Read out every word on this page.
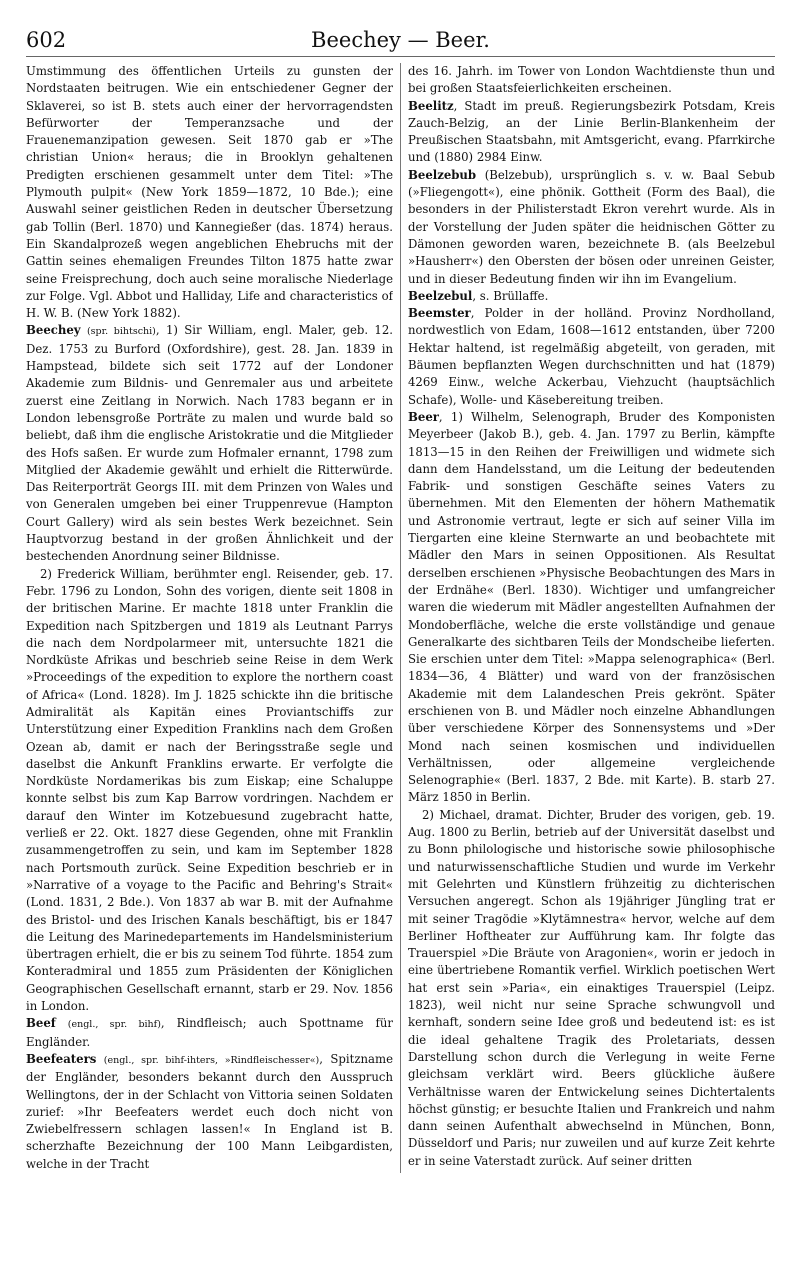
602	Beechey — Beer.

Umstimmung des öffentlichen Urteils zu gunsten der Nordstaaten beitrugen. Wie ein entschiedener Gegner der Sklaverei, so ist B. stets auch einer der hervorragendsten Befürworter der Temperanzsache und der Frauenemanzipation gewesen. Seit 1870 gab er »The christian Union« heraus; die in Brooklyn gehaltenen Predigten erschienen gesammelt unter dem Titel: »The Plymouth pulpit« (New York 1859—1872, 10 Bde.); eine Auswahl seiner geistlichen Reden in deutscher Übersetzung gab Tollin (Berl. 1870) und Kannegießer (das. 1874) heraus. Ein Skandalprozeß wegen angeblichen Ehebruchs mit der Gattin seines ehemaligen Freundes Tilton 1875 hatte zwar seine Freisprechung, doch auch seine moralische Niederlage zur Folge. Vgl. Abbot und Halliday, Life and characteristics of H. W. B. (New York 1882).

Beechey (spr. bihtschi), 1) Sir William, engl. Maler, geb. 12. Dez. 1753 zu Burford (Oxfordshire), gest. 28. Jan. 1839 in Hampstead, bildete sich seit 1772 auf der Londoner Akademie zum Bildnis- und Genremaler aus und arbeitete zuerst eine Zeitlang in Norwich. Nach 1783 begann er in London lebensgroße Porträte zu malen und wurde bald so beliebt, daß ihm die englische Aristokratie und die Mitglieder des Hofs saßen. Er wurde zum Hofmaler ernannt, 1798 zum Mitglied der Akademie gewählt und erhielt die Ritterwürde. Das Reiterporträt Georgs III. mit dem Prinzen von Wales und von Generalen umgeben bei einer Truppenrevue (Hampton Court Gallery) wird als sein bestes Werk bezeichnet. Sein Hauptvorzug bestand in der großen Ähnlichkeit und der bestechenden Anordnung seiner Bildnisse.

2) Frederick William, berühmter engl. Reisender, geb. 17. Febr. 1796 zu London, Sohn des vorigen, diente seit 1808 in der britischen Marine. Er machte 1818 unter Franklin die Expedition nach Spitzbergen und 1819 als Leutnant Parrys die nach dem Nordpolarmeer mit, untersuchte 1821 die Nordküste Afrikas und beschrieb seine Reise in dem Werk »Proceedings of the expedition to explore the northern coast of Africa« (Lond. 1828). Im J. 1825 schickte ihn die britische Admiralität als Kapitän eines Proviantschiffs zur Unterstützung einer Expedition Franklins nach dem Großen Ozean ab, damit er nach der Beringsstraße segle und daselbst die Ankunft Franklins erwarte. Er verfolgte die Nordküste Nordamerikas bis zum Eiskap; eine Schaluppe konnte selbst bis zum Kap Barrow vordringen. Nachdem er darauf den Winter im Kotzebuesund zugebracht hatte, verließ er 22. Okt. 1827 diese Gegenden, ohne mit Franklin zusammengetroffen zu sein, und kam im September 1828 nach Portsmouth zurück. Seine Expedition beschrieb er in »Narrative of a voyage to the Pacific and Behring's Strait« (Lond. 1831, 2 Bde.). Von 1837 ab war B. mit der Aufnahme des Bristol- und des Irischen Kanals beschäftigt, bis er 1847 die Leitung des Marinedepartements im Handelsministerium übertragen erhielt, die er bis zu seinem Tod führte. 1854 zum Konteradmiral und 1855 zum Präsidenten der Königlichen Geographischen Gesellschaft ernannt, starb er 29. Nov. 1856 in London.

Beef (engl., spr. bihf), Rindfleisch; auch Spottname für Engländer.

Beefeaters (engl., spr. bihf-ihters, »Rindfleischesser«), Spitzname der Engländer, besonders bekannt durch den Ausspruch Wellingtons, der in der Schlacht von Vittoria seinen Soldaten zurief: »Ihr Beefeaters werdet euch doch nicht von Zwiebelfressern schlagen lassen!« In England ist B. scherzhafte Bezeichnung der 100 Mann Leibgardisten, welche in der Tracht

des 16. Jahrh. im Tower von London Wachtdienste thun und bei großen Staatsfeierlichkeiten erscheinen.

Beelitz, Stadt im preuß. Regierungsbezirk Potsdam, Kreis Zauch-Belzig, an der Linie Berlin-Blankenheim der Preußischen Staatsbahn, mit Amtsgericht, evang. Pfarrkirche und (1880) 2984 Einw.

Beelzebub (Belzebub), ursprünglich s. v. w. Baal Sebub (»Fliegengott«), eine phönik. Gottheit (Form des Baal), die besonders in der Philisterstadt Ekron verehrt wurde. Als in der Vorstellung der Juden später die heidnischen Götter zu Dämonen geworden waren, bezeichnete B. (als Beelzebul »Hausherr«) den Obersten der bösen oder unreinen Geister, und in dieser Bedeutung finden wir ihn im Evangelium.

Beelzebul, s. Brüllaffe.

Beemster, Polder in der holländ. Provinz Nordholland, nordwestlich von Edam, 1608—1612 entstanden, über 7200 Hektar haltend, ist regelmäßig abgeteilt, von geraden, mit Bäumen bepflanzten Wegen durchschnitten und hat (1879) 4269 Einw., welche Ackerbau, Viehzucht (hauptsächlich Schafe), Wolle- und Käsebereitung treiben.

Beer, 1) Wilhelm, Selenograph, Bruder des Komponisten Meyerbeer (Jakob B.), geb. 4. Jan. 1797 zu Berlin, kämpfte 1813—15 in den Reihen der Freiwilligen und widmete sich dann dem Handelsstand, um die Leitung der bedeutenden Fabrik- und sonstigen Geschäfte seines Vaters zu übernehmen. Mit den Elementen der höhern Mathematik und Astronomie vertraut, legte er sich auf seiner Villa im Tiergarten eine kleine Sternwarte an und beobachtete mit Mädler den Mars in seinen Oppositionen. Als Resultat derselben erschienen »Physische Beobachtungen des Mars in der Erdnähe« (Berl. 1830). Wichtiger und umfangreicher waren die wiederum mit Mädler angestellten Aufnahmen der Mondoberfläche, welche die erste vollständige und genaue Generalkarte des sichtbaren Teils der Mondscheibe lieferten. Sie erschien unter dem Titel: »Mappa selenographica« (Berl. 1834—36, 4 Blätter) und ward von der französischen Akademie mit dem Lalandeschen Preis gekrönt. Später erschienen von B. und Mädler noch einzelne Abhandlungen über verschiedene Körper des Sonnensystems und »Der Mond nach seinen kosmischen und individuellen Verhältnissen, oder allgemeine vergleichende Selenographie« (Berl. 1837, 2 Bde. mit Karte). B. starb 27. März 1850 in Berlin.

2) Michael, dramat. Dichter, Bruder des vorigen, geb. 19. Aug. 1800 zu Berlin, betrieb auf der Universität daselbst und zu Bonn philologische und historische sowie philosophische und naturwissenschaftliche Studien und wurde im Verkehr mit Gelehrten und Künstlern frühzeitig zu dichterischen Versuchen angeregt. Schon als 19jähriger Jüngling trat er mit seiner Tragödie »Klytämnestra« hervor, welche auf dem Berliner Hoftheater zur Aufführung kam. Ihr folgte das Trauerspiel »Die Bräute von Aragonien«, worin er jedoch in eine übertriebene Romantik verfiel. Wirklich poetischen Wert hat erst sein »Paria«, ein einaktiges Trauerspiel (Leipz. 1823), weil nicht nur seine Sprache schwungvoll und kernhaft, sondern seine Idee groß und bedeutend ist: es ist die ideal gehaltene Tragik des Proletariats, dessen Darstellung schon durch die Verlegung in weite Ferne gleichsam verklärt wird. Beers glückliche äußere Verhältnisse waren der Entwickelung seines Dichtertalents höchst günstig; er besuchte Italien und Frankreich und nahm dann seinen Aufenthalt abwechselnd in München, Bonn, Düsseldorf und Paris; nur zuweilen und auf kurze Zeit kehrte er in seine Vaterstadt zurück. Auf seiner dritten
